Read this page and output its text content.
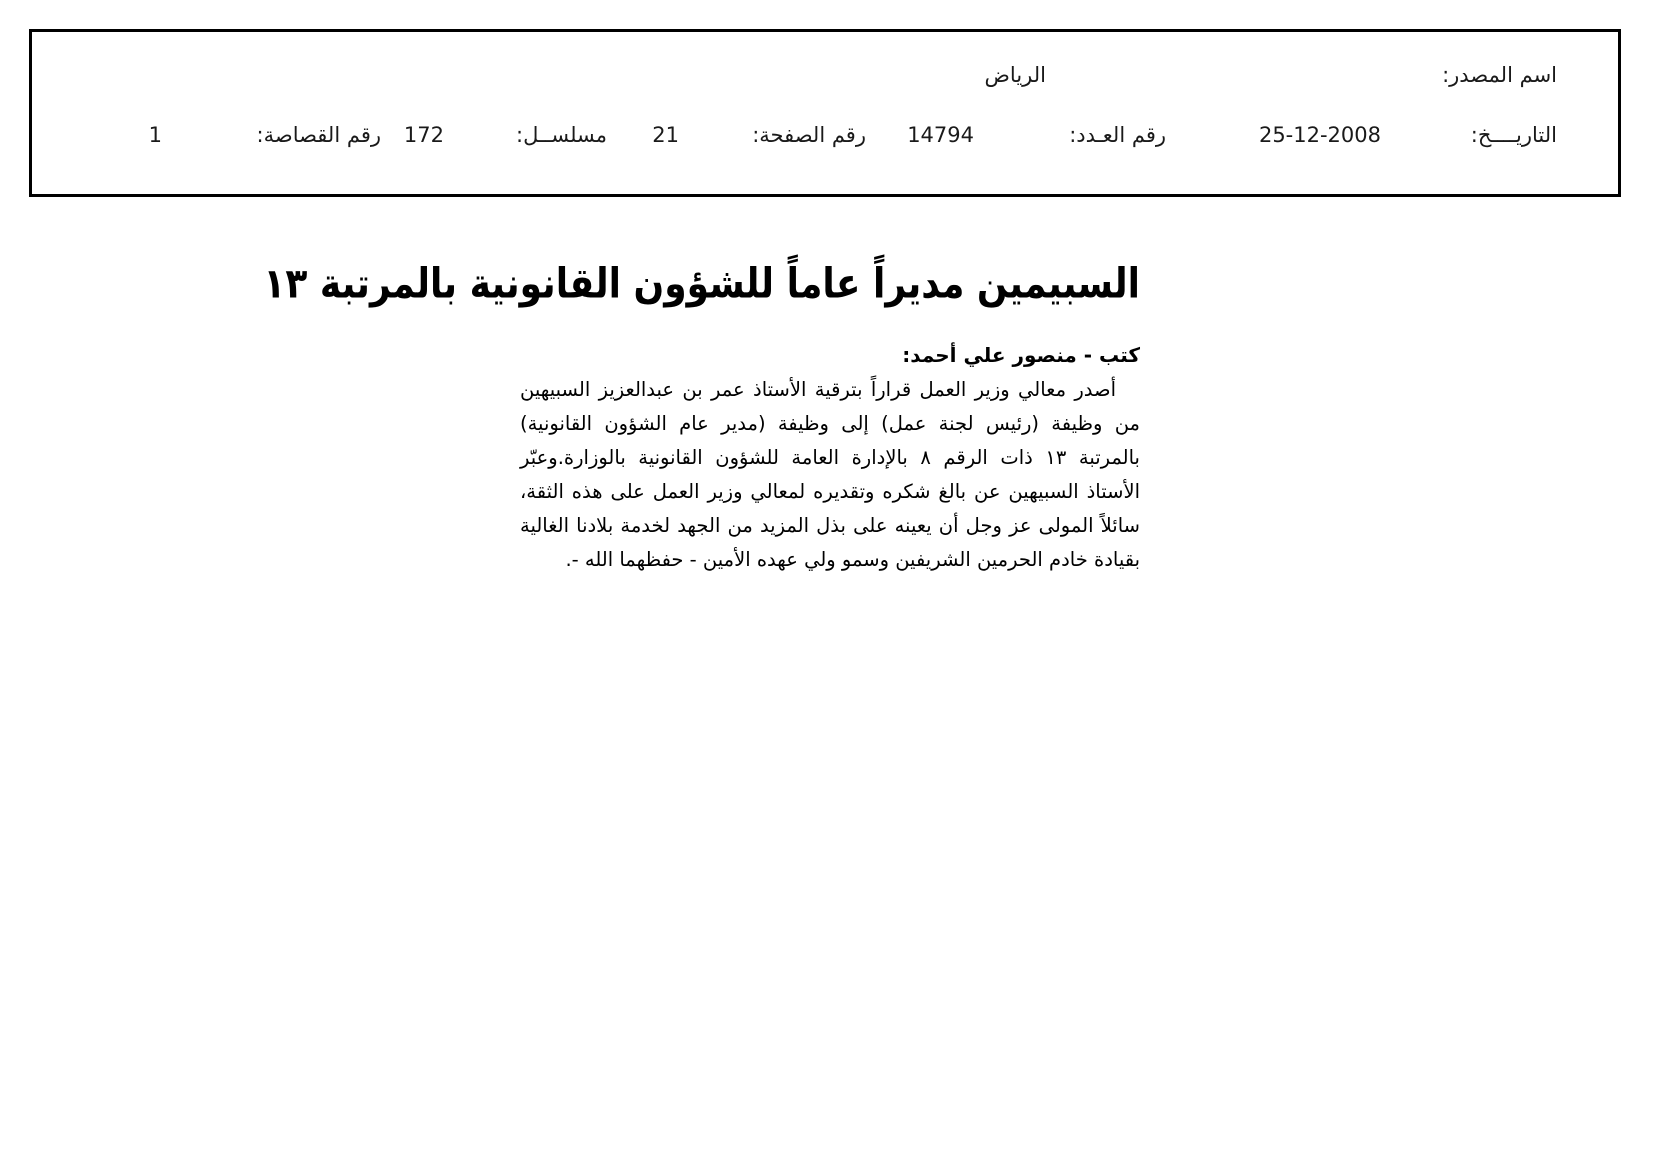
اسم المصدر:
الرياض
التاريــــخ:
25-12-2008
رقم العـدد:
14794
رقم الصفحة:
21
مسلســل:
172
رقم القصاصة:
1
السبيمين مديراً عاماً للشؤون القانونية بالمرتبة ١٣
كتب - منصور علي أحمد:

أصدر معالي وزير العمل قراراً بترقية الأستاذ عمر بن عبدالعزيز السبيهين من وظيفة (رئيس لجنة عمل) إلى وظيفة (مدير عام الشؤون القانونية) بالمرتبة ١٣ ذات الرقم ٨ بالإدارة العامة للشؤون القانونية بالوزارة.وعبّر الأستاذ السبيهين عن بالغ شكره وتقديره لمعالي وزير العمل على هذه الثقة، سائلاً المولى عز وجل أن يعينه على بذل المزيد من الجهد لخدمة بلادنا الغالية بقيادة خادم الحرمين الشريفين وسمو ولي عهده الأمين - حفظهما الله -.
